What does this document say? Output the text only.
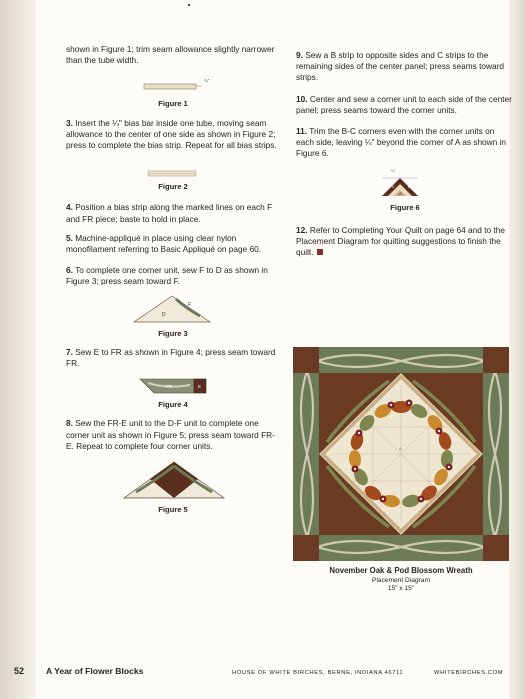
shown in Figure 1; trim seam allowance slightly narrower than the tube width.

¾"

Figure 1

3. Insert the ¼" bias bar inside one tube, moving seam allowance to the center of one side as shown in Figure 2; press to complete the bias strip. Repeat for all bias strips.

Figure 2

4. Position a bias strip along the marked lines on each F and FR piece; baste to hold in place.

5. Machine-appliqué in place using clear nylon monofilament referring to Basic Appliqué on page 60.

6. To complete one corner unit, sew F to D as shown in Figure 3; press seam toward F.

D
F

Figure 3

7. Sew E to FR as shown in Figure 4; press seam toward FR.

FR	E

Figure 4

8. Sew the FR-E unit to the D-F unit to complete one corner unit as shown in Figure 5; press seam toward FR-E. Repeat to complete four corner units.

Figure 5

9. Sew a B strip to opposite sides and C strips to the remaining sides of the center panel; press seams toward strips.

10. Center and sew a corner unit to each side of the center panel; press seams toward the corner units.

11. Trim the B-C corners even with the corner units on each side, leaving ¼" beyond the corner of A as shown in Figure 6.

¼"
C
A
B

Figure 6

12. Refer to Completing Your Quilt on page 64 and to the Placement Diagram for quilting suggestions to finish the quilt.

A
November Oak & Pod Blossom Wreath
Placement Diagram
15" x 15"
52	A Year of Flower Blocks	HOUSE OF WHITE BIRCHES, BERNE, INDIANA 46711	WHITEBIRCHES.COM
